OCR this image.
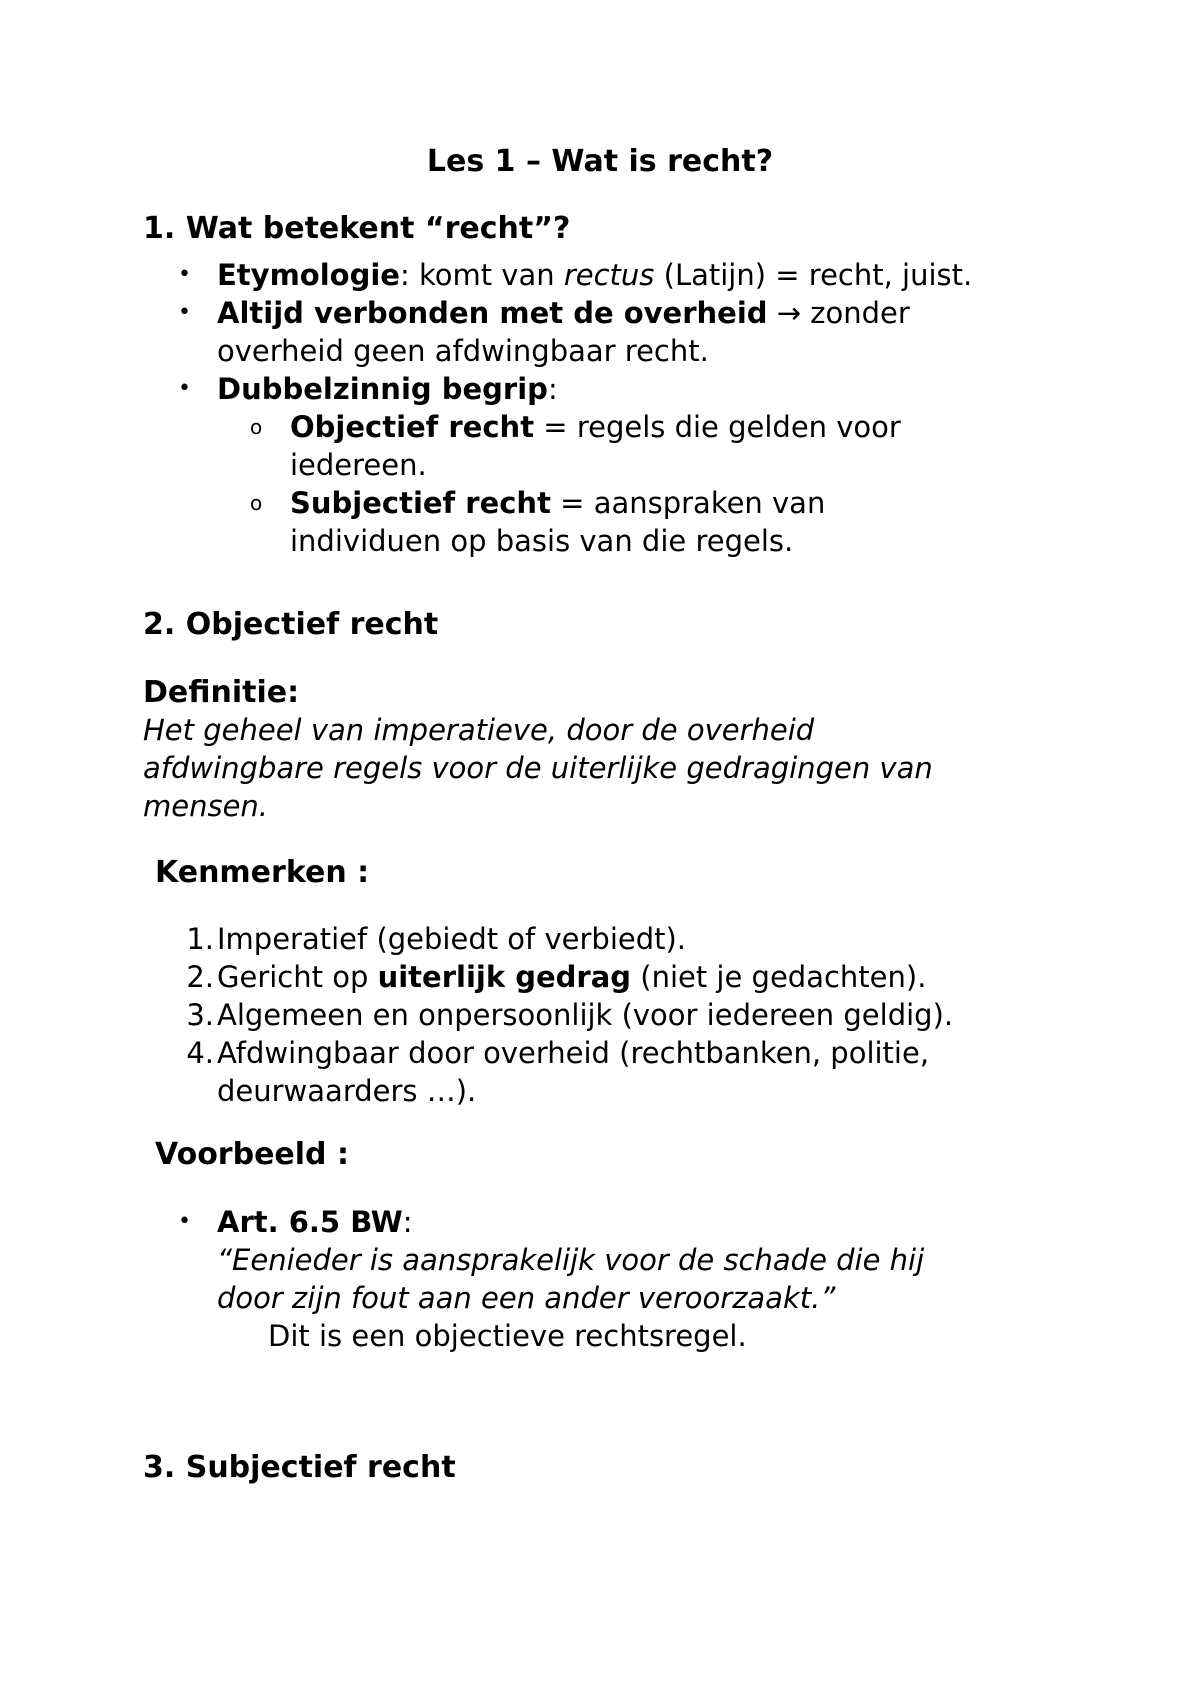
Les 1 – Wat is recht?
1. Wat betekent “recht”?
• Etymologie: komt van rectus (Latijn) = recht, juist.
• Altijd verbonden met de overheid → zonder
overheid geen afdwingbaar recht.
• Dubbelzinnig begrip:
o Objectief recht = regels die gelden voor
iedereen.
o Subjectief recht = aanspraken van
individuen op basis van die regels.
2. Objectief recht
Definitie:
Het geheel van imperatieve, door de overheid
afdwingbare regels voor de uiterlijke gedragingen van
mensen.
Kenmerken :
1. Imperatief (gebiedt of verbiedt).
2. Gericht op uiterlijk gedrag (niet je gedachten).
3. Algemeen en onpersoonlijk (voor iedereen geldig).
4. Afdwingbaar door overheid (rechtbanken, politie,
deurwaarders …).
Voorbeeld :
• Art. 6.5 BW:
“Eenieder is aansprakelijk voor de schade die hij
door zijn fout aan een ander veroorzaakt.”
Dit is een objectieve rechtsregel.
3. Subjectief recht
